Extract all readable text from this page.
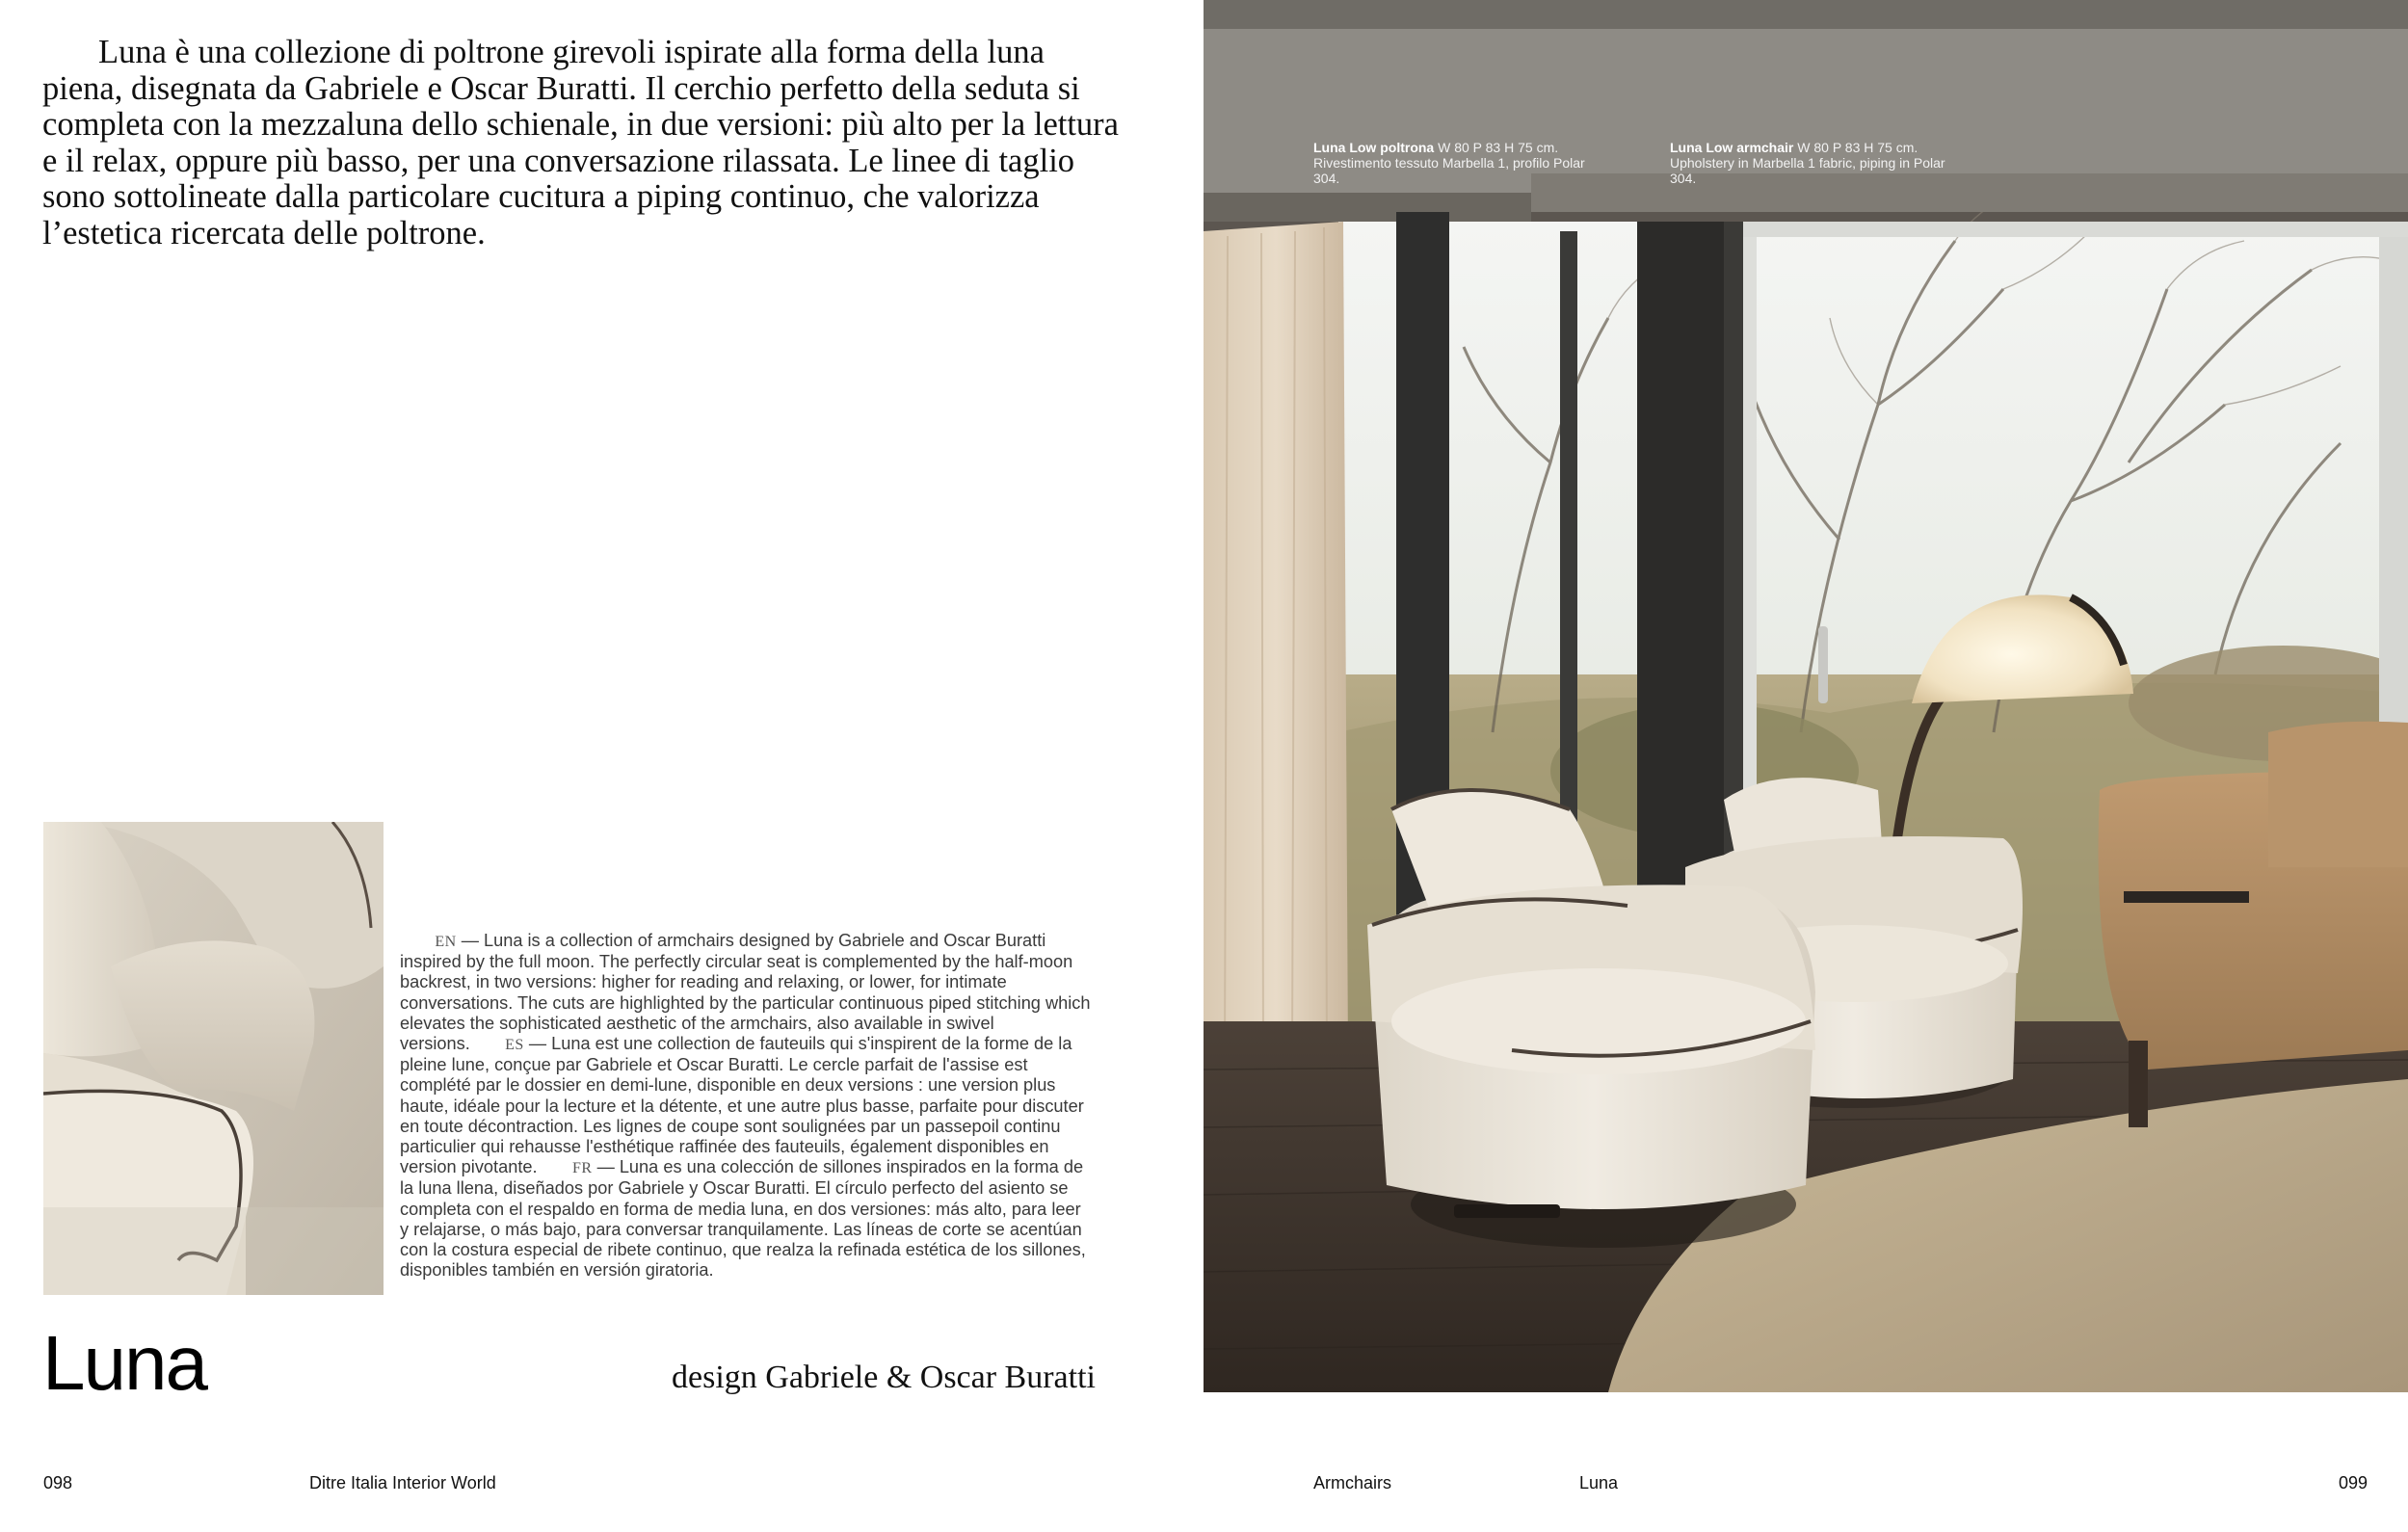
Luna è una collezione di poltrone girevoli ispirate alla forma della luna piena, disegnata da Gabriele e Oscar Buratti. Il cerchio perfetto della seduta si completa con la mezzaluna dello schienale, in due versioni: più alto per la lettura e il relax, oppure più basso, per una conversazione rilassata. Le linee di taglio sono sottolineate dalla particolare cucitura a piping continuo, che valorizza l’estetica ricercata delle poltrone.

  EN — Luna is a collection of armchairs designed by Gabriele and Oscar Buratti inspired by the full moon. The perfectly circular seat is complemented by the half-moon backrest, in two versions: higher for reading and relaxing, or lower, for intimate conversations. The cuts are highlighted by the particular continuous piped stitching which elevates the sophisticated aesthetic of the armchairs, also available in swivel versions.   ES — Luna est une collection de fauteuils qui s'inspirent de la forme de la pleine lune, conçue par Gabriele et Oscar Buratti. Le cercle parfait de l'assise est complété par le dossier en demi-lune, disponible en deux versions : une version plus haute, idéale pour la lecture et la détente, et une autre plus basse, parfaite pour discuter en toute décontraction. Les lignes de coupe sont soulignées par un passepoil continu particulier qui rehausse l'esthétique raffinée des fauteuils, également disponibles en version pivotante.   FR — Luna es una colección de sillones inspirados en la forma de la luna llena, diseñados por Gabriele y Oscar Buratti. El círculo perfecto del asiento se completa con el respaldo en forma de media luna, en dos versiones: más alto, para leer y relajarse, o más bajo, para conversar tranquilamente. Las líneas de corte se acentúan con la costura especial de ribete continuo, que realza la refinada estética de los sillones, disponibles también en versión giratoria.
Luna	design Gabriele & Oscar Buratti
Luna Low poltrona W 80 P 83 H 75 cm. Rivestimento tessuto Marbella 1, profilo Polar 304.
Luna Low armchair W 80 P 83 H 75 cm. Upholstery in Marbella 1 fabric, piping in Polar 304.
098	Ditre Italia Interior World	Armchairs	Luna	099
